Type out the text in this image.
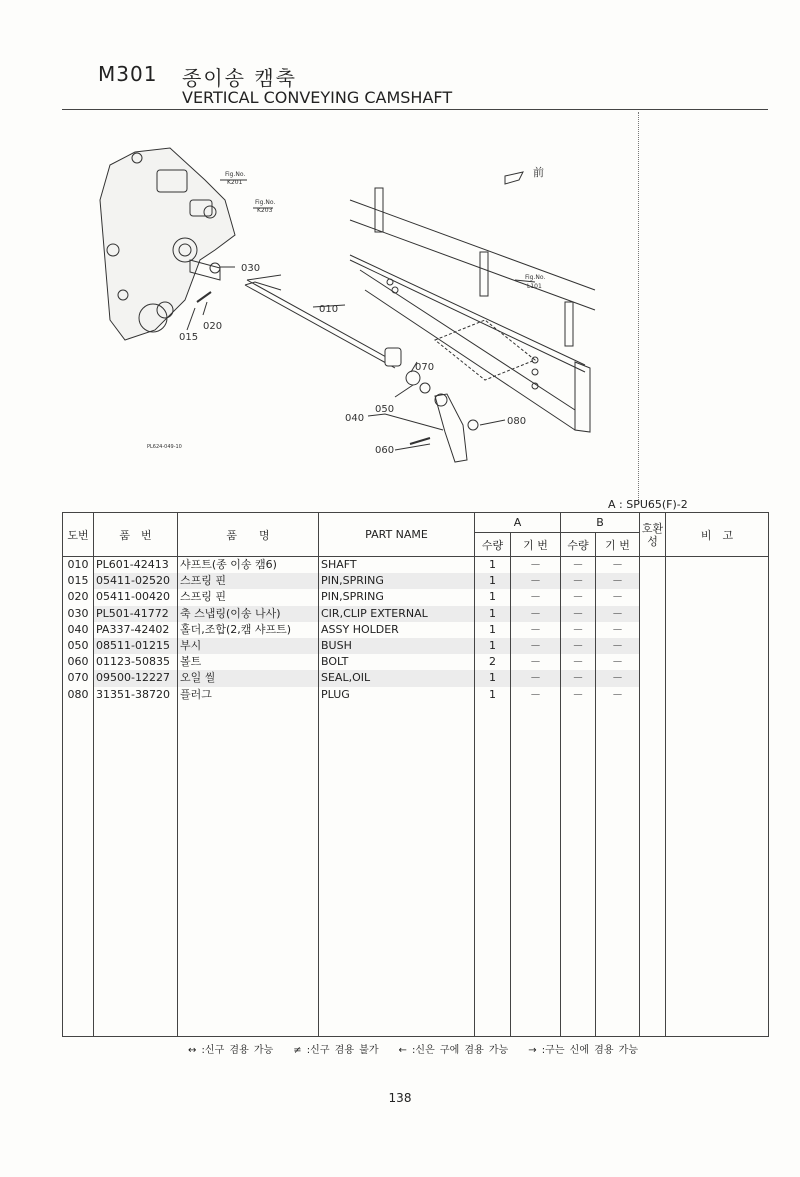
M301 종이송 캠축
VERTICAL CONVEYING CAMSHAFT
Fig.No.
K201
Fig.No.
K203
Fig.No.
L101
前
030
010
020
015
070
050
040	080
060
PL624-049-10
A : SPU65(F)-2
도번	품　번	품　　명	PART NAME	A		B		호환성	비　고
				수량	기 번	수량	기 번		
010	PL601-42413	샤프트(종 이송 캠6)	SHAFT	1	－	－	－		
015	05411-02520	스프링 핀	PIN,SPRING	1	－	－	－		
020	05411-00420	스프링 핀	PIN,SPRING	1	－	－	－		
030	PL501-41772	축 스냅링(이송 나사)	CIR,CLIP EXTERNAL	1	－	－	－		
040	PA337-42402	홀더,조합(2,캠 샤프트)	ASSY HOLDER	1	－	－	－		
050	08511-01215	부시	BUSH	1	－	－	－		
060	01123-50835	볼트	BOLT	2	－	－	－		
070	09500-12227	오일 씰	SEAL,OIL	1	－	－	－		
080	31351-38720	플러그	PLUG	1	－	－	－		

↔ :신구 겸용 가능　　≠ :신구 겸용 불가　　← :신은 구에 겸용 가능　　→ :구는 신에 겸용 가능
138
